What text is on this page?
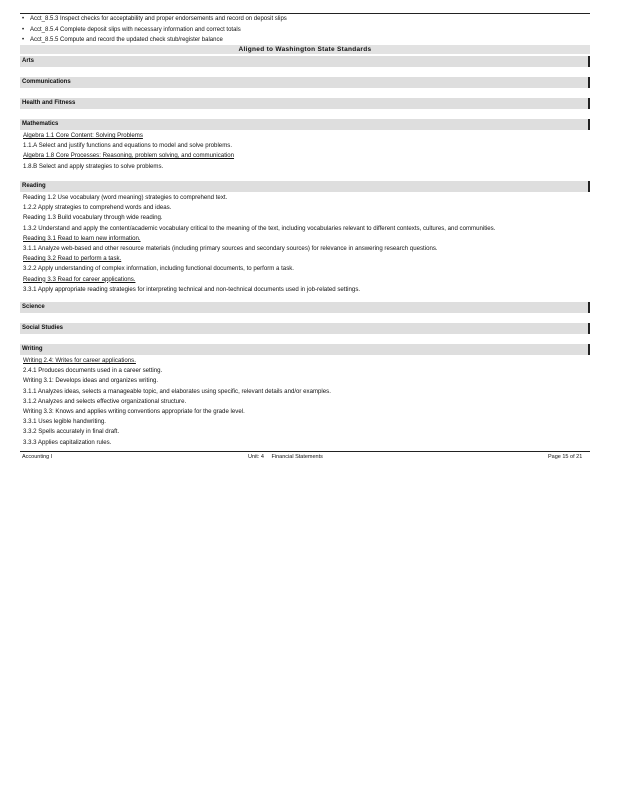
• Acct_8.5.3 Inspect checks for acceptability and proper endorsements and record on deposit slips
• Acct_8.5.4 Complete deposit slips with necessary information and correct totals
• Acct_8.5.5 Compute and record the updated check stub/register balance
Aligned to Washington State Standards
Arts
Communications
Health and Fitness
Mathematics
Algebra 1.1 Core Content: Solving Problems
1.1.A Select and justify functions and equations to model and solve problems.
Algebra 1.8 Core Processes: Reasoning, problem solving, and communication
1.8.B Select and apply strategies to solve problems.
Reading
Reading 1.2 Use vocabulary (word meaning) strategies to comprehend text.
1.2.2 Apply strategies to comprehend words and ideas.
Reading 1.3 Build vocabulary through wide reading.
1.3.2 Understand and apply the content/academic vocabulary critical to the meaning of the text, including vocabularies relevant to different contexts, cultures, and communities.
Reading 3.1 Read to learn new information.
3.1.1 Analyze web-based and other resource materials (including primary sources and secondary sources) for relevance in answering research questions.
Reading 3.2 Read to perform a task.
3.2.2 Apply understanding of complex information, including functional documents, to perform a task.
Reading 3.3 Read for career applications.
3.3.1 Apply appropriate reading strategies for interpreting technical and non-technical documents used in job-related settings.
Science
Social Studies
Writing
Writing 2.4: Writes for career applications.
2.4.1 Produces documents used in a career setting.
Writing 3.1: Develops ideas and organizes writing.
3.1.1 Analyzes ideas, selects a manageable topic, and elaborates using specific, relevant details and/or examples.
3.1.2 Analyzes and selects effective organizational structure.
Writing 3.3: Knows and applies writing conventions appropriate for the grade level.
3.3.1 Uses legible handwriting.
3.3.2 Spells accurately in final draft.
3.3.3 Applies capitalization rules.
Accounting I	Unit: 4     Financial Statements	Page 15 of 21
